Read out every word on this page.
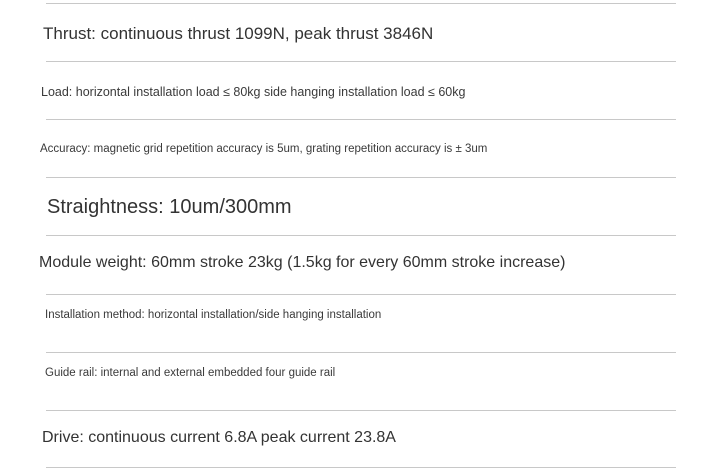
Thrust: continuous thrust 1099N, peak thrust 3846N
Load: horizontal installation load ≤ 80kg side hanging installation load ≤ 60kg
Accuracy: magnetic grid repetition accuracy is 5um, grating repetition accuracy is ± 3um
Straightness: 10um/300mm
Module weight: 60mm stroke 23kg (1.5kg for every 60mm stroke increase)
Installation method: horizontal installation/side hanging installation
Guide rail: internal and external embedded four guide rail
Drive: continuous current 6.8A peak current 23.8A
